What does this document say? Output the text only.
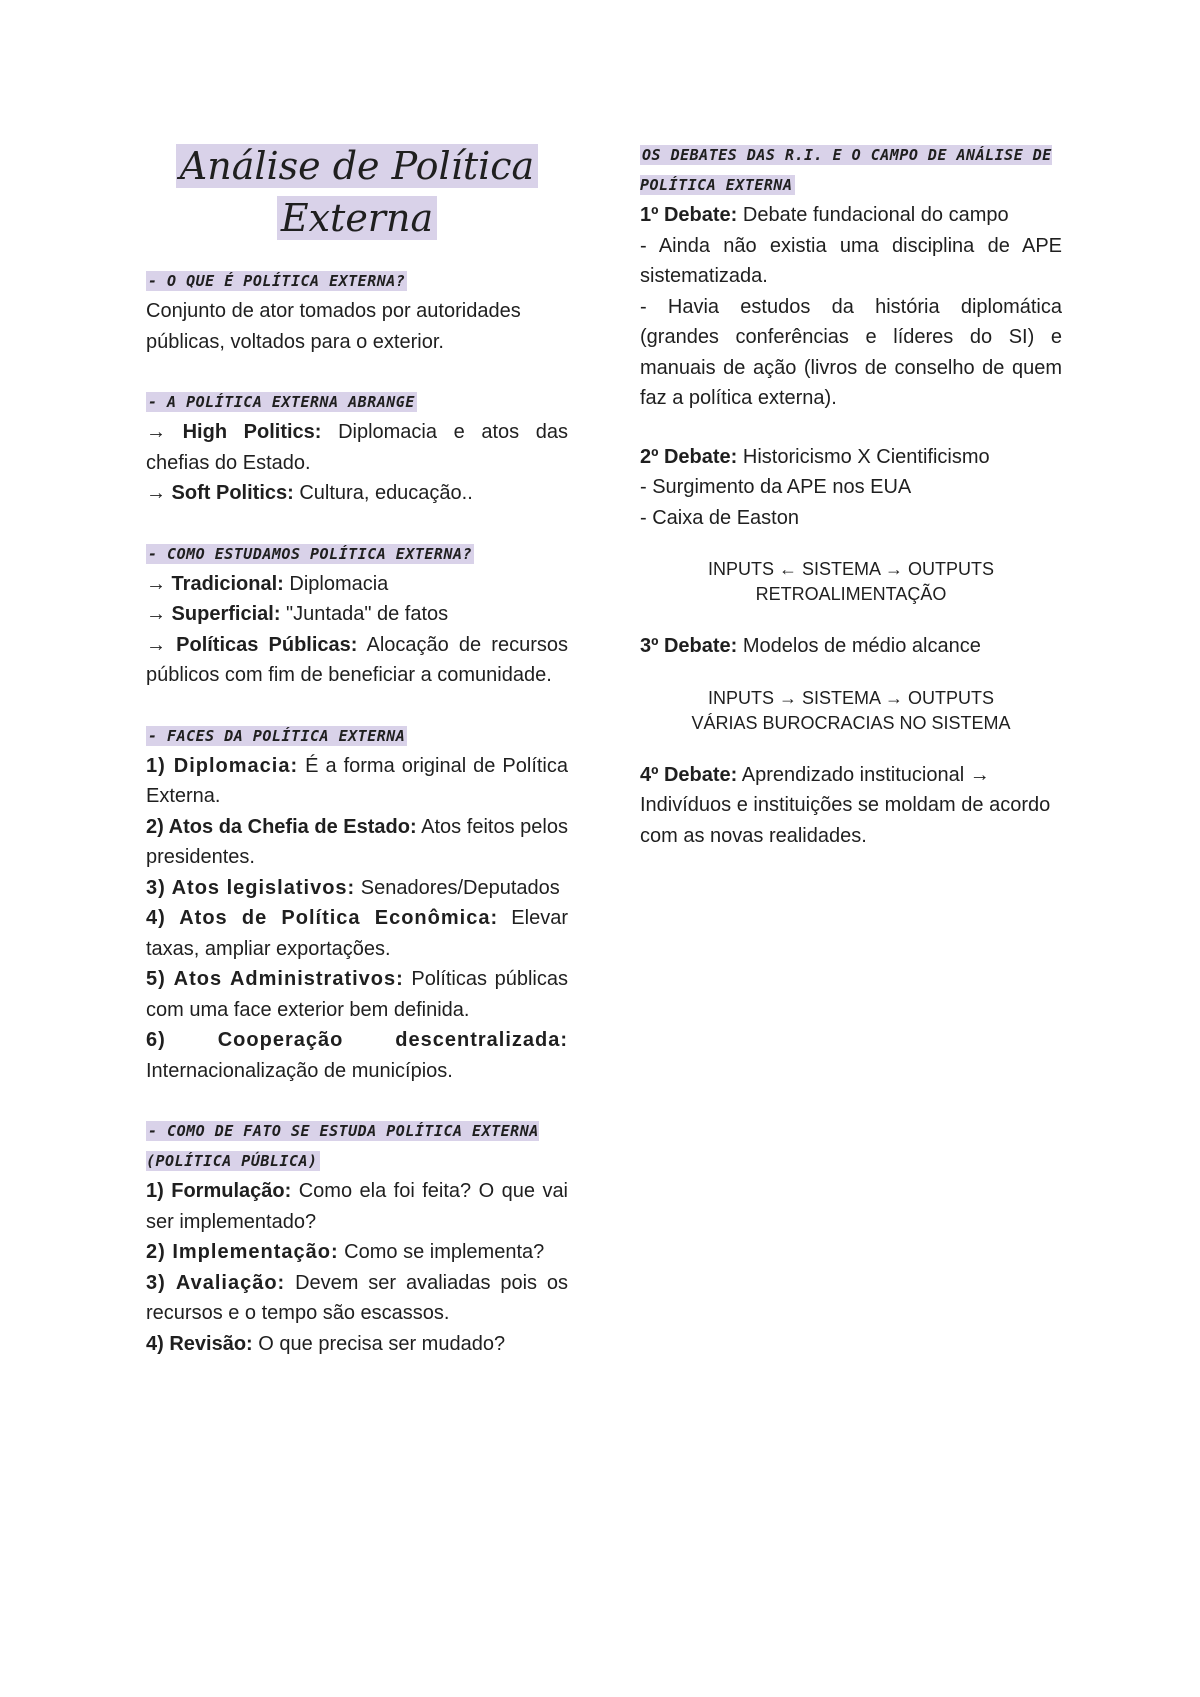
Análise de Política
Externa
- O QUE É POLÍTICA EXTERNA?

Conjunto de ator tomados por autoridades públicas, voltados para o exterior.

- A POLÍTICA EXTERNA ABRANGE

→ High Politics: Diplomacia e atos das chefias do Estado.

→ Soft Politics: Cultura, educação..

- COMO ESTUDAMOS POLÍTICA EXTERNA?

→ Tradicional: Diplomacia

→ Superficial: "Juntada" de fatos

→ Políticas Públicas: Alocação de recursos públicos com fim de beneficiar a comunidade.

- FACES DA POLÍTICA EXTERNA

1) Diplomacia: É a forma original de Política Externa.

2) Atos da Chefia de Estado: Atos feitos pelos presidentes.

3) Atos legislativos: Senadores/Deputados

4) Atos de Política Econômica: Elevar taxas, ampliar exportações.

5) Atos Administrativos: Políticas públicas com uma face exterior bem definida.

6) Cooperação descentralizada: Internacionalização de municípios.

- COMO DE FATO SE ESTUDA POLÍTICA EXTERNA (POLÍTICA PÚBLICA)

1) Formulação: Como ela foi feita? O que vai ser implementado?

2) Implementação: Como se implementa?

3) Avaliação: Devem ser avaliadas pois os recursos e o tempo são escassos.

4) Revisão: O que precisa ser mudado?

OS DEBATES DAS R.I. E O CAMPO DE ANÁLISE DE POLÍTICA EXTERNA

1º Debate: Debate fundacional do campo

- Ainda não existia uma disciplina de APE sistematizada.

- Havia estudos da história diplomática (grandes conferências e líderes do SI) e manuais de ação (livros de conselho de quem faz a política externa).

2º Debate: Historicismo X Cientificismo

- Surgimento da APE nos EUA

- Caixa de Easton

INPUTS ← SISTEMA → OUTPUTS
RETROALIMENTAÇÃO

3º Debate: Modelos de médio alcance

INPUTS → SISTEMA → OUTPUTS
VÁRIAS BUROCRACIAS NO SISTEMA

4º Debate: Aprendizado institucional → Indivíduos e instituições se moldam de acordo com as novas realidades.
